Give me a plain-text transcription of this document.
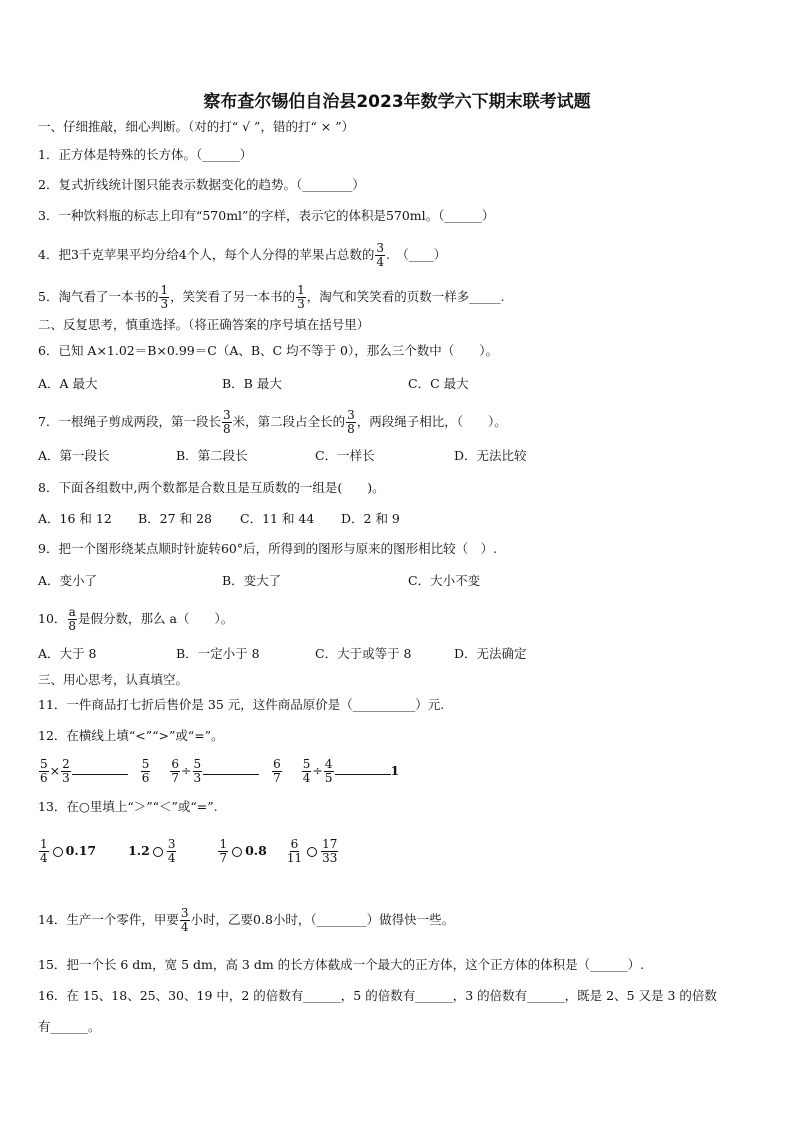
察布查尔锡伯自治县2023年数学六下期末联考试题
一、仔细推敲，细心判断。（对的打“ √ ”，错的打“ × ”）
1．正方体是特殊的长方体。（______）
2．复式折线统计图只能表示数据变化的趋势。（________）
3．一种饮料瓶的标志上印有“570ml”的字样，表示它的体积是570ml。（______）
4．把3千克苹果平均分给4个人，每个人分得的苹果占总数的 $\frac{3}{4}$ .　（____）
5．淘气看了一本书的 $\frac{1}{3}$ ，笑笑看了另一本书的 $\frac{1}{3}$ ，淘气和笑笑看的页数一样多_____.
二、反复思考，慎重选择。（将正确答案的序号填在括号里）
6．已知 A×1.02＝B×0.99＝C（A、B、C 均不等于 0），那么三个数中（　　）。
A．A 最大	B．B 最大	C．C 最大
7．一根绳子剪成两段，第一段长 $\frac{3}{8}$ 米，第二段占全长的 $\frac{3}{8}$ ，两段绳子相比，（　　）。
A．第一段长	B．第二段长	C．一样长	D．无法比较
8．下面各组数中,两个数都是合数且是互质数的一组是(　　)。
A．16 和 12 B．27 和 28 C．11 和 44 D．2 和 9
9．把一个图形绕某点顺时针旋转60°后，所得到的图形与原来的图形相比较（　）.
A．变小了	B．变大了	C．大小不变
10． $\frac{a}{8}$ 是假分数，那么 a（　　）。
A．大于 8	B．一定小于 8	C．大于或等于 8	D．无法确定
三、用心思考，认真填空。
11．一件商品打七折后售价是 35 元，这件商品原价是（__________）元.
12．在横线上填“<”“>”或“=”。
$\frac{5}{6} \times \frac{2}{3}$
	$\frac{5}{6}$
$\frac{6}{7} \div \frac{5}{3}$
	$\frac{6}{7}$
$\frac{5}{4} \div \frac{4}{5}$	1
13．在○里填上“＞”“＜”或“=”.
$\frac{1}{4} 0.17$	$1.2 \frac{3}{4}$
	$\frac{1}{7} 0.8 \frac{6}{11} \frac{17}{33}$
14．生产一个零件，甲要 $\frac{3}{4}$ 小时，乙要0.8小时，（________）做得快一些。
15．把一个长 6 dm，宽 5 dm，高 3 dm 的长方体截成一个最大的正方体，这个正方体的体积是（______）.
16．在 15、18、25、30、19 中，2 的倍数有______，5 的倍数有______，3 的倍数有______，既是 2、5 又是 3 的倍数
有______。
